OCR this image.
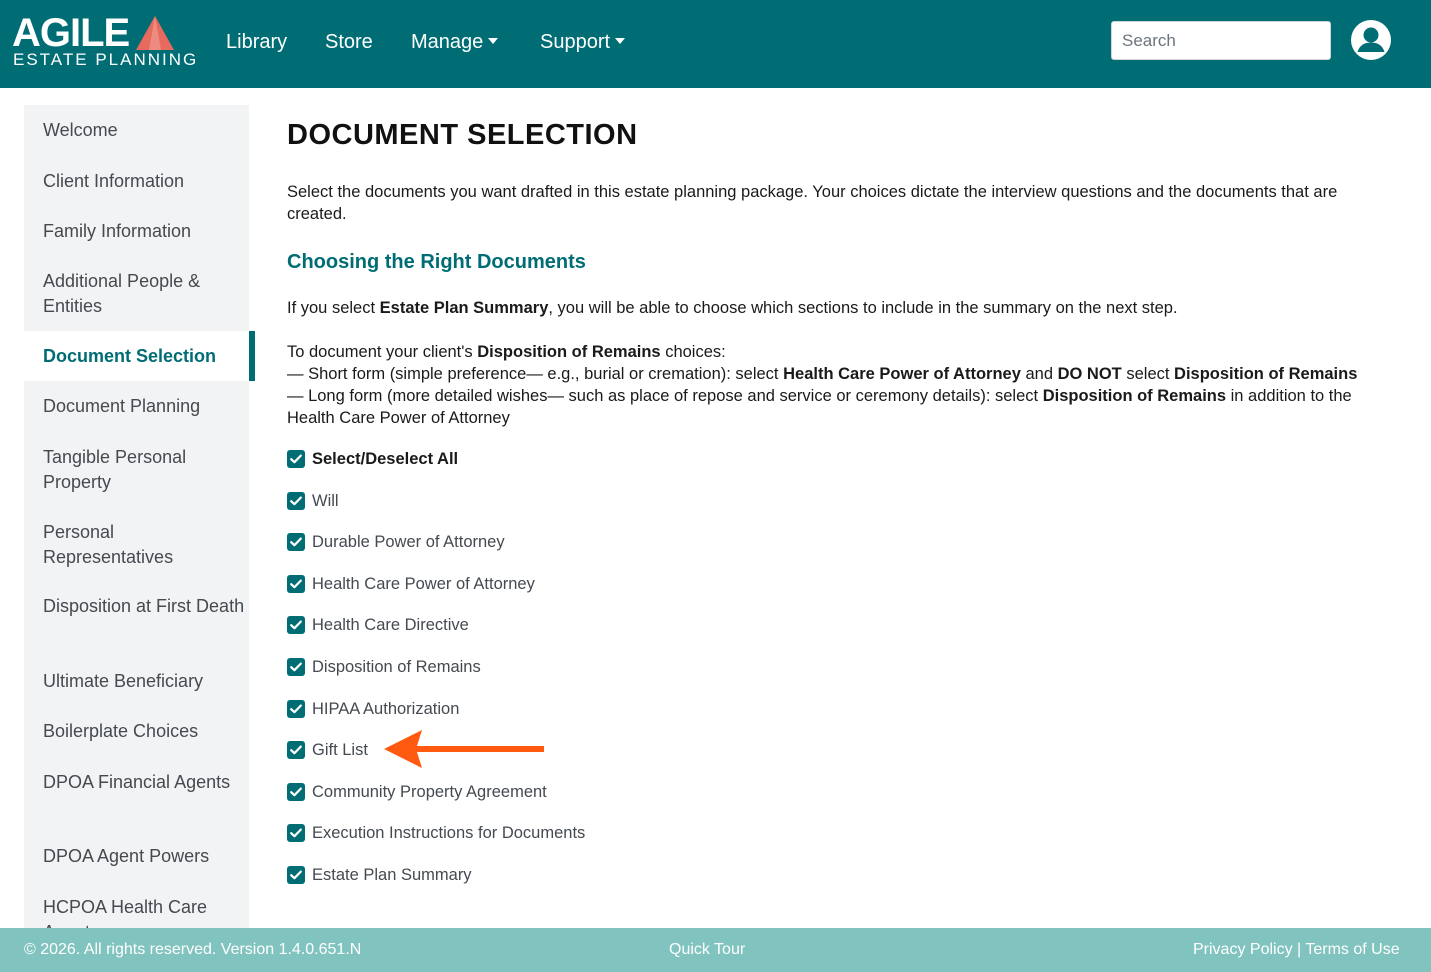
AGILE
ESTATE PLANNING
Library Store Manage	Support
Search
Welcome
Client Information
Family Information
Additional People & Entities
Document Selection
Document Planning
Tangible Personal Property
Personal Representatives
Disposition at First Death
Ultimate Beneficiary
Boilerplate Choices
DPOA Financial Agents
DPOA Agent Powers
HCPOA Health Care
DOCUMENT SELECTION

Select the documents you want drafted in this estate planning package. Your choices dictate the interview questions and the documents that are created.

Choosing the Right Documents

If you select Estate Plan Summary, you will be able to choose which sections to include in the summary on the next step.

To document your client's Disposition of Remains choices:
— Short form (simple preference— e.g., burial or cremation): select Health Care Power of Attorney and DO NOT select Disposition of Remains
— Long form (more detailed wishes— such as place of repose and service or ceremony details): select Disposition of Remains in addition to the Health Care Power of Attorney
Select/Deselect All
Will
Durable Power of Attorney
Health Care Power of Attorney
Health Care Directive
Disposition of Remains
HIPAA Authorization
Gift List
Community Property Agreement
Execution Instructions for Documents
Estate Plan Summary
© 2026. All rights reserved. Version 1.4.0.651.N	Quick Tour	Privacy Policy | Terms of Use
